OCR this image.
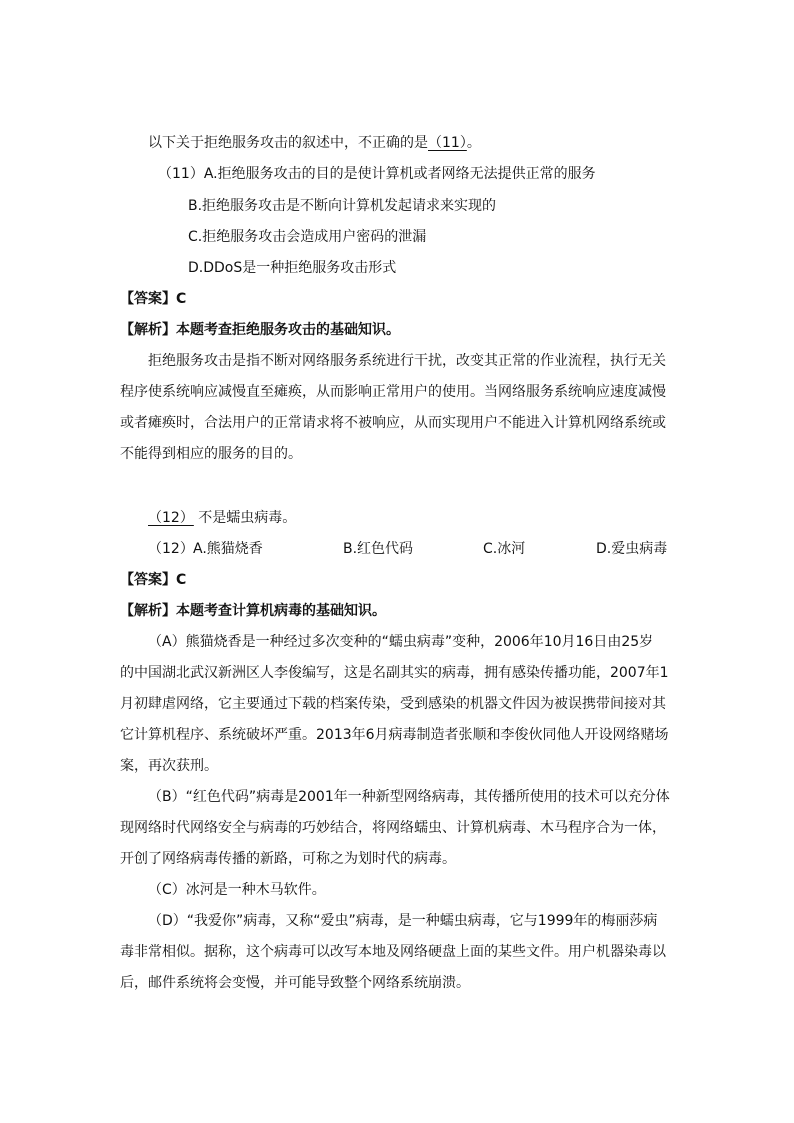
以下关于拒绝服务攻击的叙述中，不正确的是（11）。
（11）A.拒绝服务攻击的目的是使计算机或者网络无法提供正常的服务
B.拒绝服务攻击是不断向计算机发起请求来实现的
C.拒绝服务攻击会造成用户密码的泄漏
D.DDoS是一种拒绝服务攻击形式
【答案】C
【解析】本题考查拒绝服务攻击的基础知识。
拒绝服务攻击是指不断对网络服务系统进行干扰，改变其正常的作业流程，执行无关
程序使系统响应减慢直至瘫痪，从而影响正常用户的使用。当网络服务系统响应速度减慢
或者瘫痪时，合法用户的正常请求将不被响应，从而实现用户不能进入计算机网络系统或
不能得到相应的服务的目的。
（12） 不是蠕虫病毒。
（12） A.熊猫烧香	B.红色代码	C.冰河	D.爱虫病毒
【答案】C
【解析】本题考查计算机病毒的基础知识。
（A）熊猫烧香是一种经过多次变种的“蠕虫病毒”变种，2006年10月16日由25岁
的中国湖北武汉新洲区人李俊编写，这是名副其实的病毒，拥有感染传播功能，2007年1
月初肆虐网络，它主要通过下载的档案传染，受到感染的机器文件因为被误携带间接对其
它计算机程序、系统破坏严重。2013年6月病毒制造者张顺和李俊伙同他人开设网络赌场
案，再次获刑。
（B）“红色代码”病毒是2001年一种新型网络病毒，其传播所使用的技术可以充分体
现网络时代网络安全与病毒的巧妙结合，将网络蠕虫、计算机病毒、木马程序合为一体，
开创了网络病毒传播的新路，可称之为划时代的病毒。
（C）冰河是一种木马软件。
（D）“我爱你”病毒，又称“爱虫”病毒，是一种蠕虫病毒，它与1999年的梅丽莎病
毒非常相似。据称，这个病毒可以改写本地及网络硬盘上面的某些文件。用户机器染毒以
后，邮件系统将会变慢，并可能导致整个网络系统崩溃。
